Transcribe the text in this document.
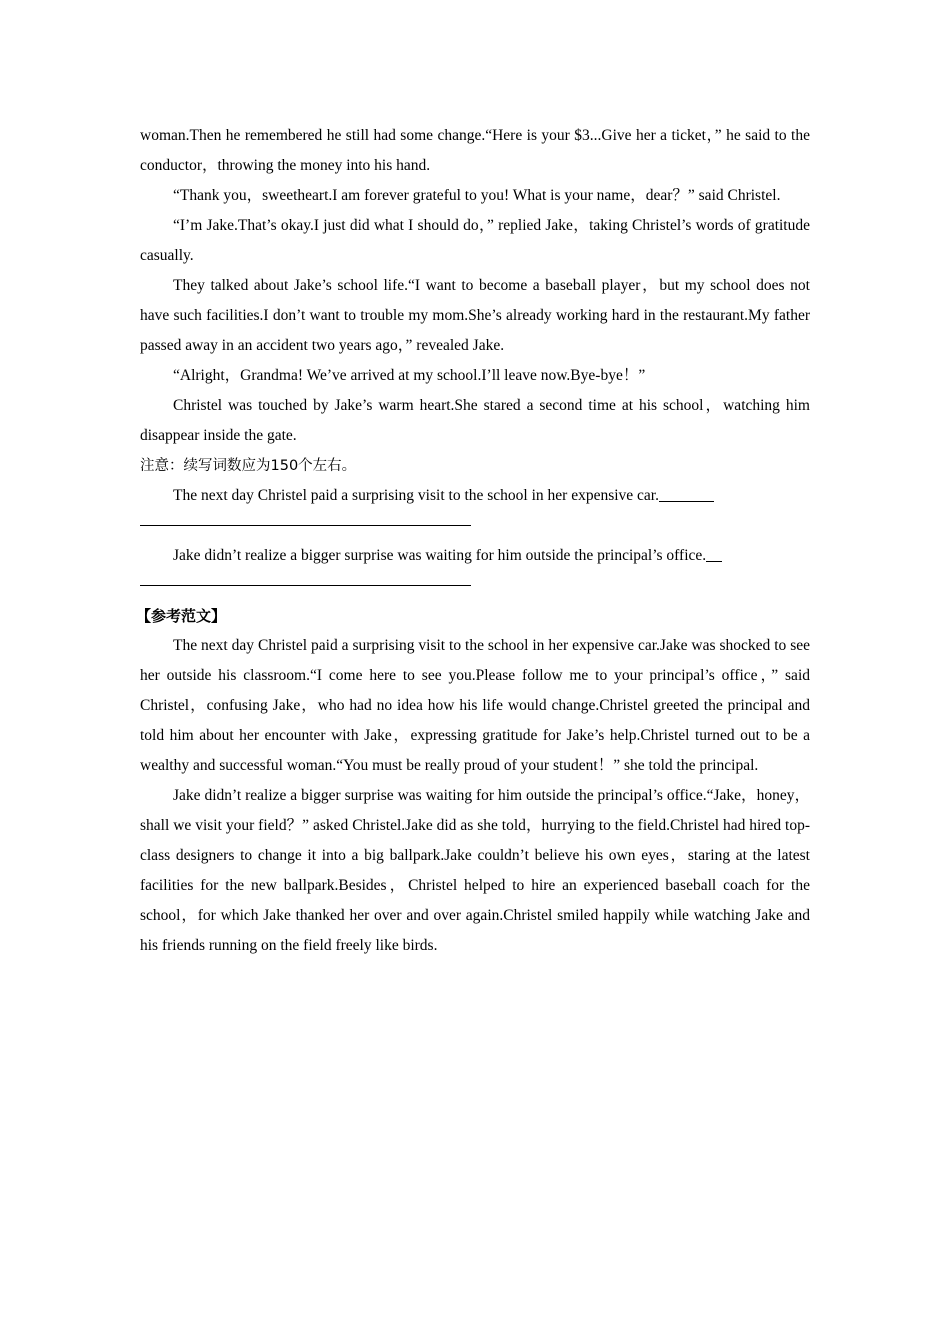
woman.Then he remembered he still had some change.“Here is your $3...Give her a ticket，” he said to the conductor，throwing the money into his hand.

“Thank you，sweetheart.I am forever grateful to you! What is your name，dear？” said Christel.

“I’m Jake.That’s okay.I just did what I should do，” replied Jake，taking Christel’s words of gratitude casually.

They talked about Jake’s school life.“I want to become a baseball player，but my school does not have such facilities.I don’t want to trouble my mom.She’s already working hard in the restaurant.My father passed away in an accident two years ago，” revealed Jake.

“Alright，Grandma! We’ve arrived at my school.I’ll leave now.Bye-bye！”

Christel was touched by Jake’s warm heart.She stared a second time at his school，watching him disappear inside the gate.

注意：续写词数应为150个左右。

The next day Christel paid a surprising visit to the school in her expensive car.

Jake didn’t realize a bigger surprise was waiting for him outside the principal’s office.

【参考范文】

The next day Christel paid a surprising visit to the school in her expensive car.Jake was shocked to see her outside his classroom.“I come here to see you.Please follow me to your principal’s office，” said Christel，confusing Jake，who had no idea how his life would change.Christel greeted the principal and told him about her encounter with Jake，expressing gratitude for Jake’s help.Christel turned out to be a wealthy and successful woman.“You must be really proud of your student！” she told the principal.

Jake didn’t realize a bigger surprise was waiting for him outside the principal’s office.“Jake，honey，shall we visit your field？” asked Christel.Jake did as she told，hurrying to the field.Christel had hired top-class designers to change it into a big ballpark.Jake couldn’t believe his own eyes，staring at the latest facilities for the new ballpark.Besides，Christel helped to hire an experienced baseball coach for the school，for which Jake thanked her over and over again.Christel smiled happily while watching Jake and his friends running on the field freely like birds.
